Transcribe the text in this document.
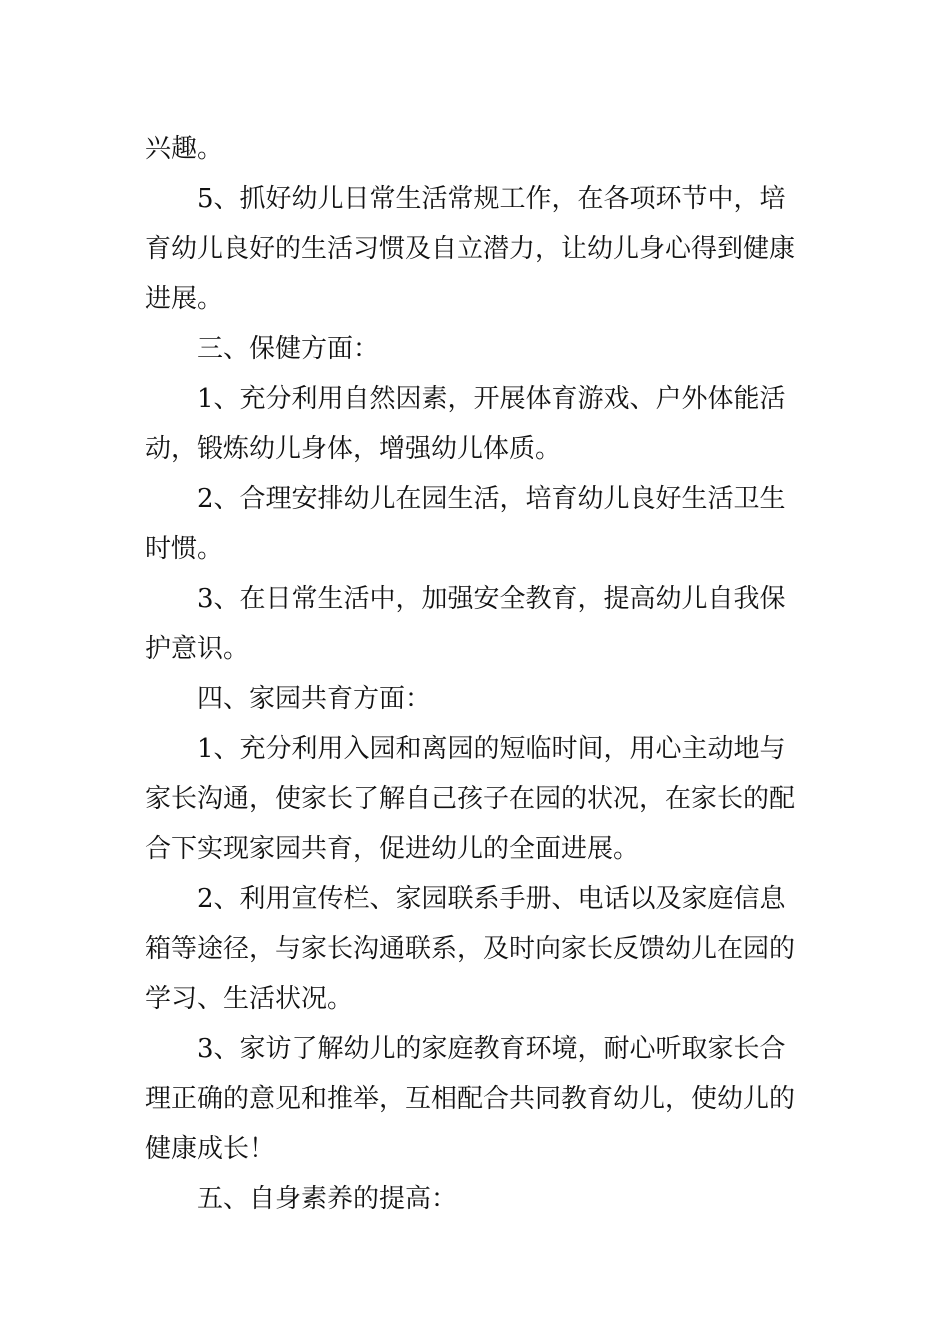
兴趣。

5、抓好幼儿日常生活常规工作，在各项环节中，培育幼儿良好的生活习惯及自立潜力，让幼儿身心得到健康进展。

三、保健方面：

1、充分利用自然因素，开展体育游戏、户外体能活动，锻炼幼儿身体，增强幼儿体质。

2、合理安排幼儿在园生活，培育幼儿良好生活卫生时惯。

3、在日常生活中，加强安全教育，提高幼儿自我保护意识。

四、家园共育方面：

1、充分利用入园和离园的短临时间，用心主动地与家长沟通，使家长了解自己孩子在园的状况，在家长的配合下实现家园共育，促进幼儿的全面进展。

2、利用宣传栏、家园联系手册、电话以及家庭信息箱等途径，与家长沟通联系，及时向家长反馈幼儿在园的学习、生活状况。

3、家访了解幼儿的家庭教育环境，耐心听取家长合理正确的意见和推举，互相配合共同教育幼儿，使幼儿的健康成长！

五、自身素养的提高：
